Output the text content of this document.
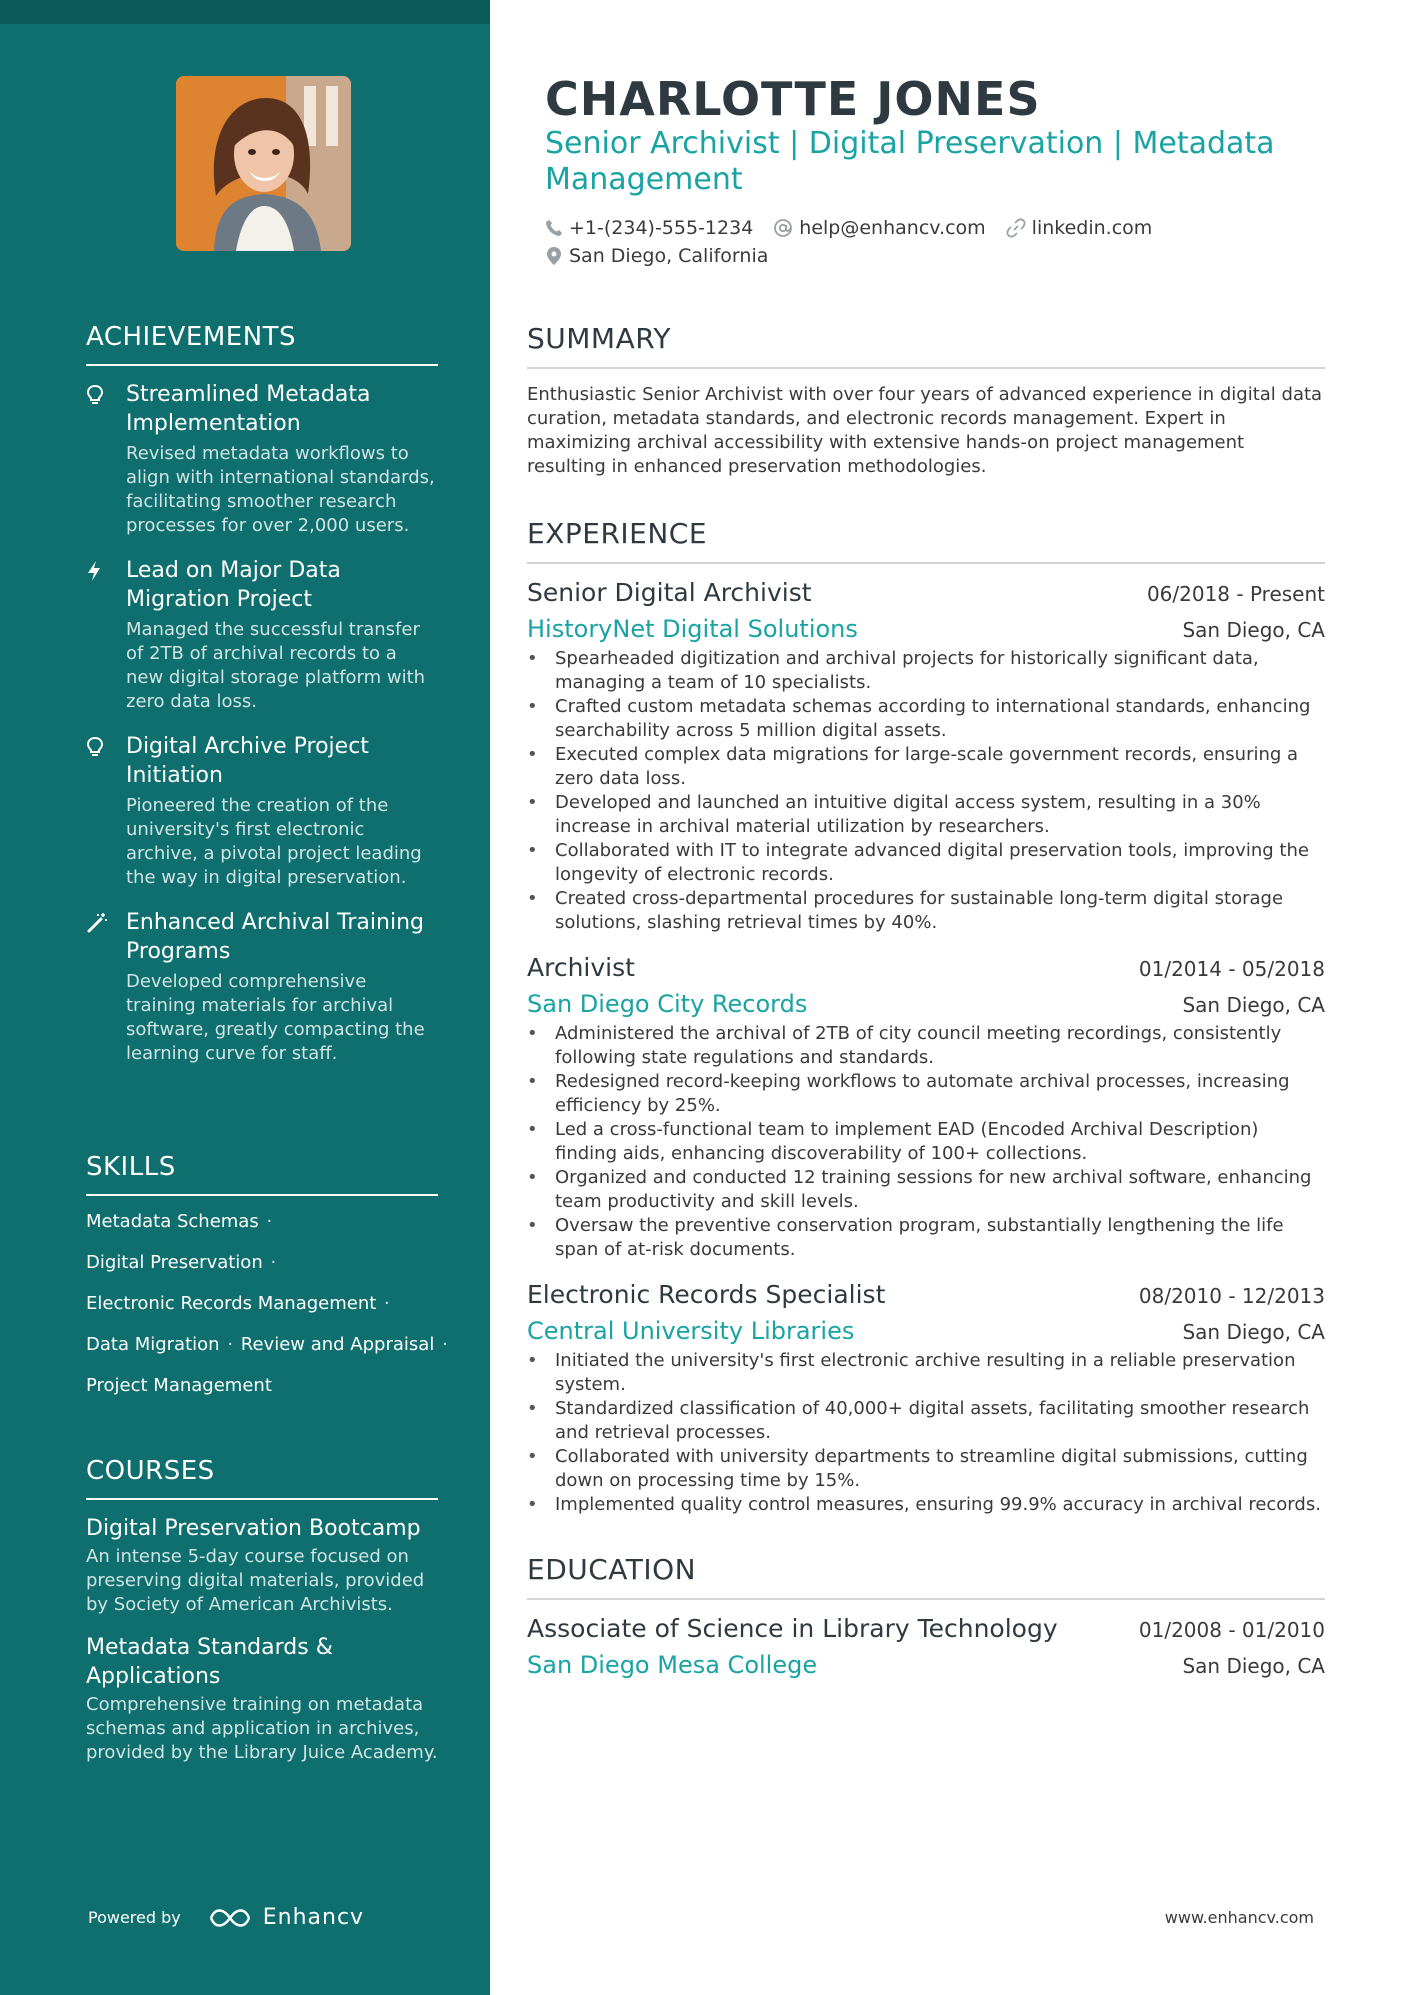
ACHIEVEMENTS
Streamlined Metadata Implementation
Revised metadata workflows to align with international standards, facilitating smoother research processes for over 2,000 users.
Lead on Major Data Migration Project
Managed the successful transfer of 2TB of archival records to a new digital storage platform with zero data loss.
Digital Archive Project Initiation
Pioneered the creation of the university's first electronic archive, a pivotal project leading the way in digital preservation.
Enhanced Archival Training Programs
Developed comprehensive training materials for archival software, greatly compacting the learning curve for staff.
SKILLS
Metadata Schemas ·
Digital Preservation ·
Electronic Records Management ·
Data Migration · Review and Appraisal ·
Project Management
COURSES
Digital Preservation Bootcamp
An intense 5-day course focused on preserving digital materials, provided by Society of American Archivists.
Metadata Standards & Applications
Comprehensive training on metadata schemas and application in archives, provided by the Library Juice Academy.
Powered by	Enhancv
CHARLOTTE JONES
Senior Archivist | Digital Preservation | Metadata Management
+1-(234)-555-1234 help@enhancv.com linkedin.com
San Diego, California
SUMMARY
Enthusiastic Senior Archivist with over four years of advanced experience in digital data curation, metadata standards, and electronic records management. Expert in maximizing archival accessibility with extensive hands-on project management resulting in enhanced preservation methodologies.
EXPERIENCE
Senior Digital Archivist	06/2018 - Present
HistoryNet Digital Solutions	San Diego, CA
• Spearheaded digitization and archival projects for historically significant data, managing a team of 10 specialists.
• Crafted custom metadata schemas according to international standards, enhancing searchability across 5 million digital assets.
• Executed complex data migrations for large-scale government records, ensuring a zero data loss.
• Developed and launched an intuitive digital access system, resulting in a 30% increase in archival material utilization by researchers.
• Collaborated with IT to integrate advanced digital preservation tools, improving the longevity of electronic records.
• Created cross-departmental procedures for sustainable long-term digital storage solutions, slashing retrieval times by 40%.
Archivist	01/2014 - 05/2018
San Diego City Records	San Diego, CA
• Administered the archival of 2TB of city council meeting recordings, consistently following state regulations and standards.
• Redesigned record-keeping workflows to automate archival processes, increasing efficiency by 25%.
• Led a cross-functional team to implement EAD (Encoded Archival Description) finding aids, enhancing discoverability of 100+ collections.
• Organized and conducted 12 training sessions for new archival software, enhancing team productivity and skill levels.
• Oversaw the preventive conservation program, substantially lengthening the life span of at-risk documents.
Electronic Records Specialist	08/2010 - 12/2013
Central University Libraries	San Diego, CA
• Initiated the university's first electronic archive resulting in a reliable preservation system.
• Standardized classification of 40,000+ digital assets, facilitating smoother research and retrieval processes.
• Collaborated with university departments to streamline digital submissions, cutting down on processing time by 15%.
• Implemented quality control measures, ensuring 99.9% accuracy in archival records.
EDUCATION
Associate of Science in Library Technology	01/2008 - 01/2010
San Diego Mesa College	San Diego, CA
www.enhancv.com
